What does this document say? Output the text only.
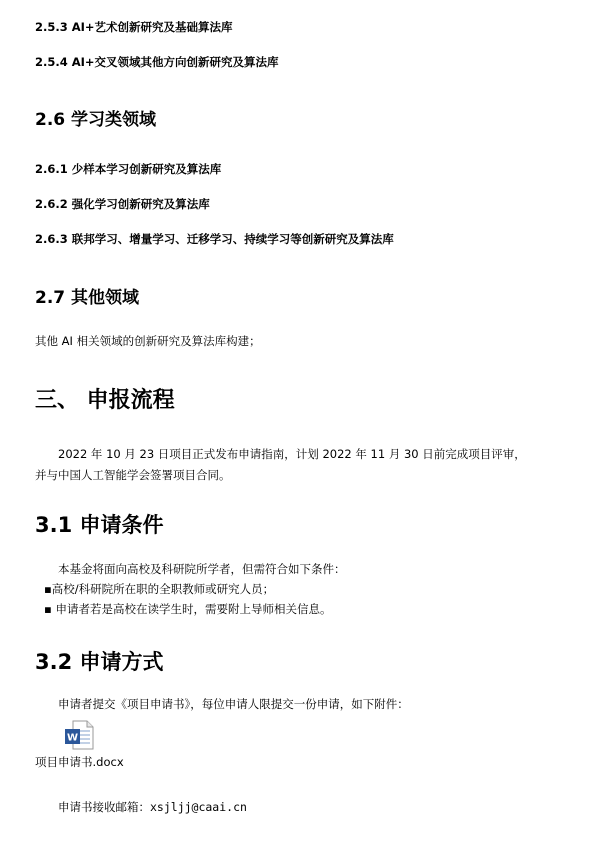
2.5.3 AI+艺术创新研究及基础算法库
2.5.4 AI+交叉领域其他方向创新研究及算法库
2.6 学习类领域
2.6.1 少样本学习创新研究及算法库
2.6.2 强化学习创新研究及算法库
2.6.3 联邦学习、增量学习、迁移学习、持续学习等创新研究及算法库
2.7 其他领域
其他 AI 相关领域的创新研究及算法库构建；
三、 申报流程
2022 年 10 月 23 日项目正式发布申请指南，计划 2022 年 11 月 30 日前完成项目评审，
并与中国人工智能学会签署项目合同。
3.1 申请条件
本基金将面向高校及科研院所学者，但需符合如下条件：
▪高校/科研院所在职的全职教师或研究人员；
▪ 申请者若是高校在读学生时，需要附上导师相关信息。
3.2 申请方式
申请者提交《项目申请书》，每位申请人限提交一份申请，如下附件：
W
项目申请书.docx
申请书接收邮箱：xsjljj@caai.cn
